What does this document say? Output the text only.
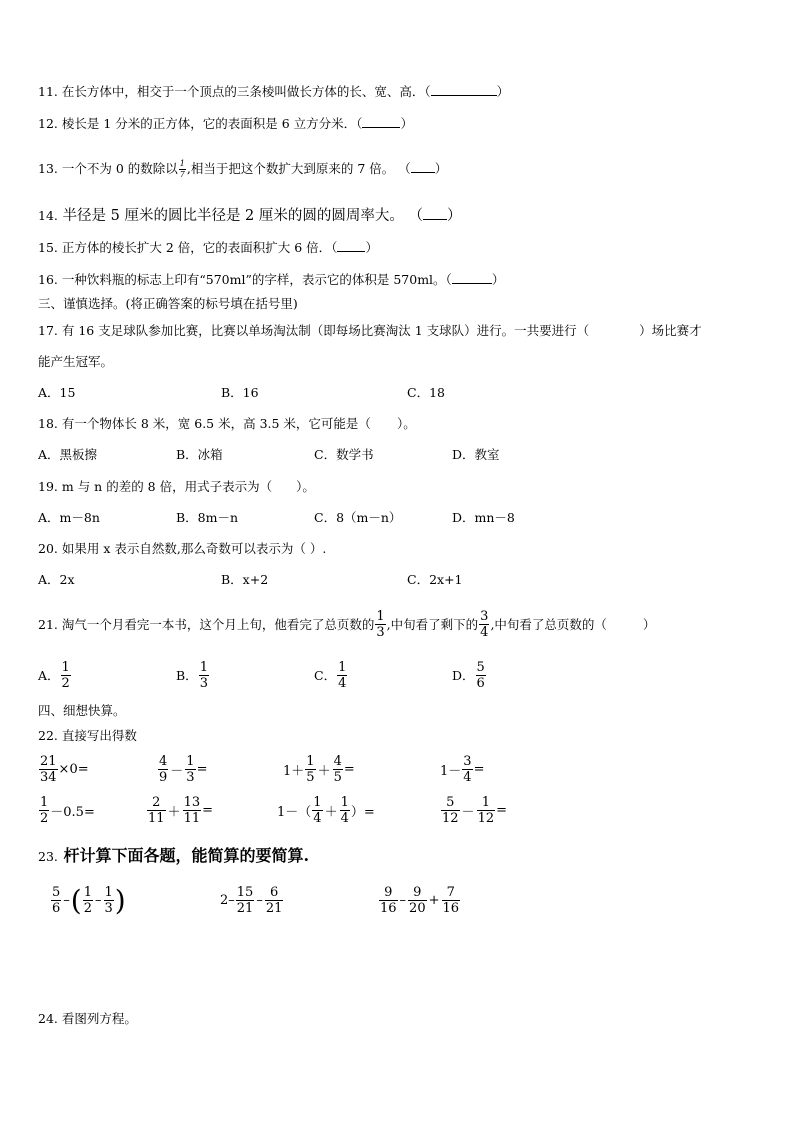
11. 在长方体中，相交于一个顶点的三条棱叫做长方体的长、宽、高．（	）
12. 棱长是 1 分米的正方体，它的表面积是 6 立方分米．（	）
13. 一个不为 0 的数除以 $\frac{1}{7}$ ,相当于把这个数扩大到原来的 7 倍。 （ ）
14. 半径是 5 厘米的圆比半径是 2 厘米的圆的圆周率大。 （ ）
15. 正方体的棱长扩大 2 倍，它的表面积扩大 6 倍．（ ）
16. 一种饮料瓶的标志上印有“570ml”的字样，表示它的体积是 570ml。（	）
三、谨慎选择。(将正确答案的标号填在括号里)
17. 有 16 支足球队参加比赛，比赛以单场淘汰制（即每场比赛淘汰 1 支球队）进行。一共要进行（	）场比赛才
能产生冠军。
A．15	B．16	C．18
18. 有一个物体长 8 米，宽 6.5 米，高 3.5 米，它可能是（ ）。
A．黑板擦	B．冰箱	C．数学书	D．教室
19. m 与 n 的差的 8 倍，用式子表示为（ ）。
A．m－8n	B．8m－n	C．8（m－n）	D．mn－8
20. 如果用 x 表示自然数,那么奇数可以表示为（ ）.
A．2x	B．x+2	C．2x+1
21.
淘气一个月看完一本书，这个月上旬，他看完了总页数的 $\frac{1}{3}$ ,中旬看了剩下的 $\frac{3}{4}$ ,中旬看了总页数的（	）
A． $\frac{1}{2}$	B． $\frac{1}{3}$	C． $\frac{1}{4}$	D． $\frac{5}{6}$
四、细想快算。
22. 直接写出得数
$\frac{21}{34} \times 0=$	$\frac{4}{9} - \frac{1}{3}$ =	$1+ \frac{1}{5} + \frac{4}{5}$ =	$1- \frac{3}{4}$ =
$\frac{1}{2} -0.5=$	$\frac{2}{11} + \frac{13}{11}$ =	$1-( \frac{1}{4} + \frac{1}{4}$ ）=	$\frac{5}{12} - \frac{1}{12}$ =
23. 杆计算下面各题，能简算的要简算.
$\frac{5}{6}$ – ( $\frac{1}{2} - \frac{1}{3}$ )	$2- \frac{15}{21} - \frac{6}{21}$	$\frac{9}{16} - \frac{9}{20} + \frac{7}{16}$
24. 看图列方程。
